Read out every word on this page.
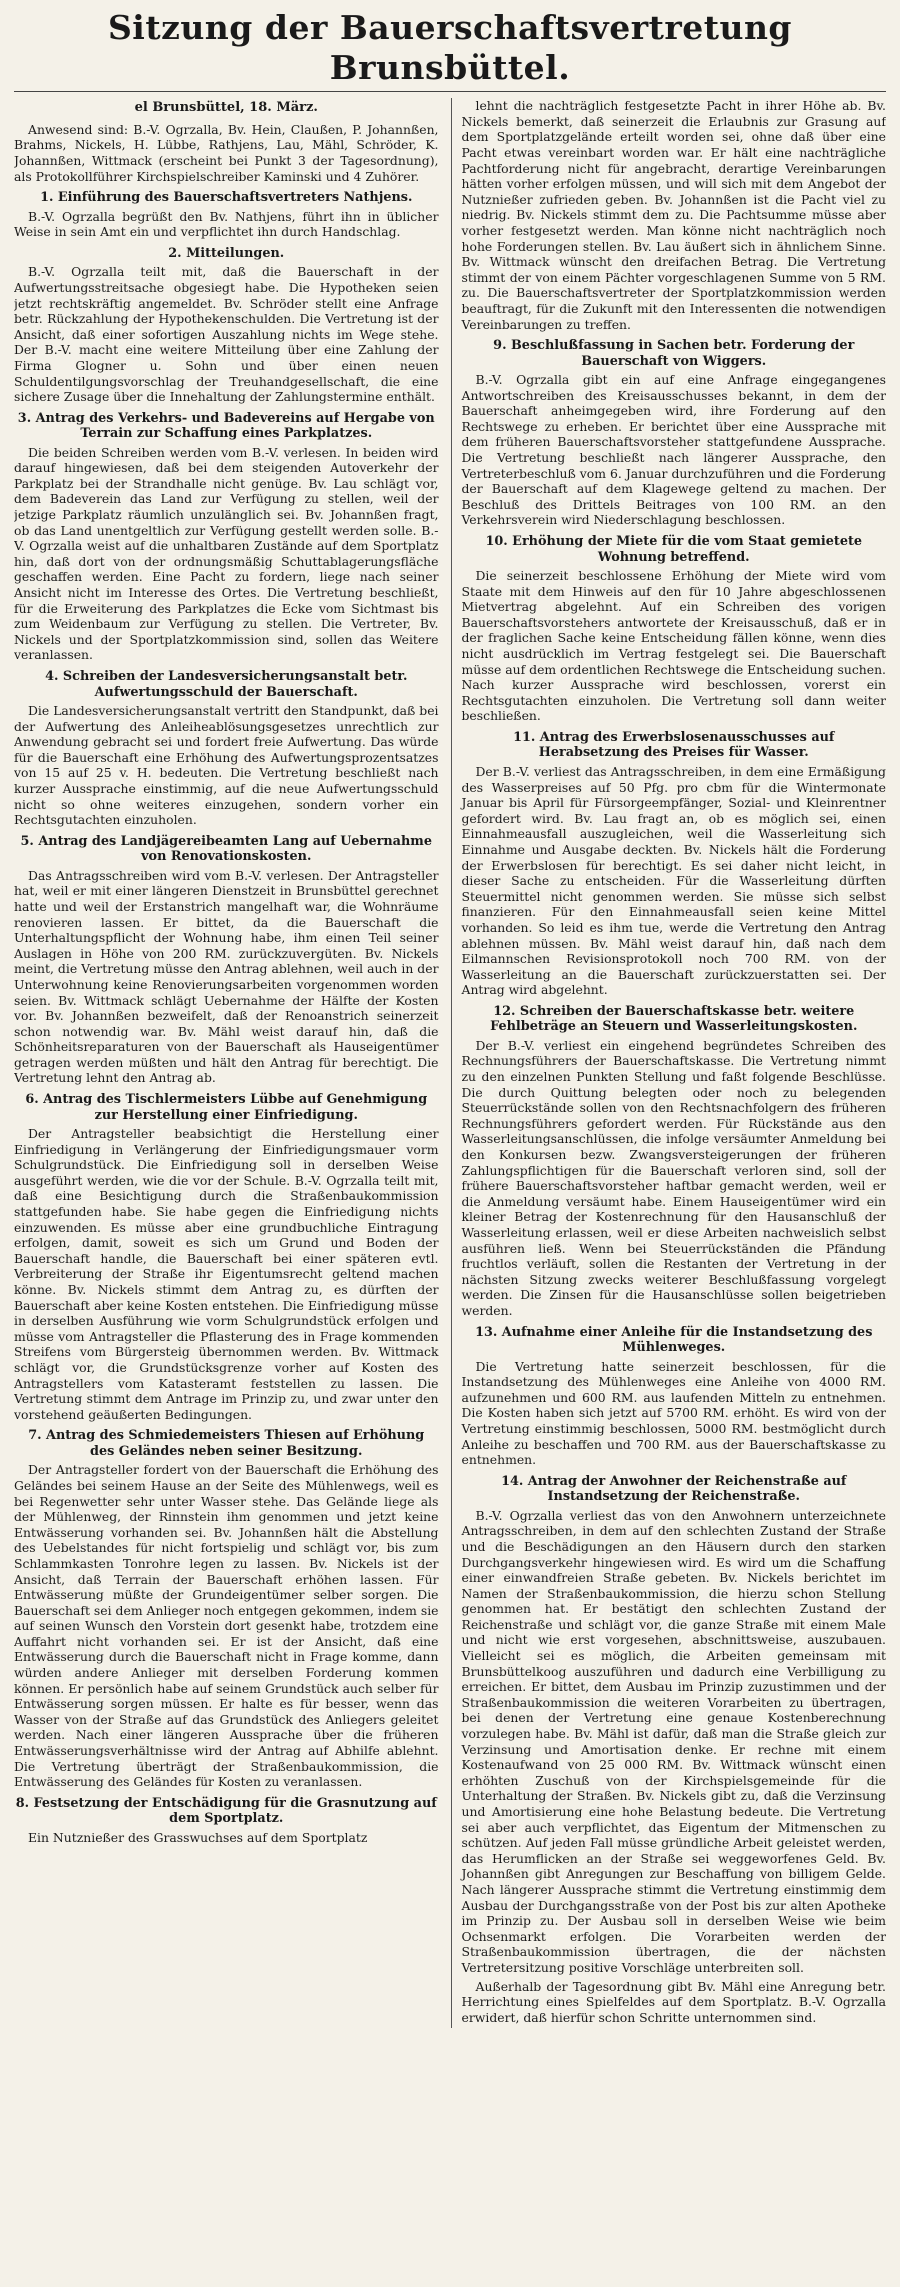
Sitzung der Bauerschaftsvertretung Brunsbüttel.
el Brunsbüttel, 18. März.

Anwesend sind: B.-V. Ogrzalla, Bv. Hein, Claußen, P. Johannßen, Brahms, Nickels, H. Lübbe, Rathjens, Lau, Mähl, Schröder, K. Johannßen, Wittmack (erscheint bei Punkt 3 der Tagesordnung), als Protokollführer Kirchspielschreiber Kaminski und 4 Zuhörer.

1. Einführung des Bauerschaftsvertreters Nathjens.

B.-V. Ogrzalla begrüßt den Bv. Nathjens, führt ihn in üblicher Weise in sein Amt ein und verpflichtet ihn durch Handschlag.

2. Mitteilungen.

B.-V. Ogrzalla teilt mit, daß die Bauerschaft in der Aufwertungsstreitsache obgesiegt habe. Die Hypotheken seien jetzt rechtskräftig angemeldet. Bv. Schröder stellt eine Anfrage betr. Rückzahlung der Hypothekenschulden. Die Vertretung ist der Ansicht, daß einer sofortigen Auszahlung nichts im Wege stehe. Der B.-V. macht eine weitere Mitteilung über eine Zahlung der Firma Glogner u. Sohn und über einen neuen Schuldentilgungsvorschlag der Treuhandgesellschaft, die eine sichere Zusage über die Innehaltung der Zahlungstermine enthält.

3. Antrag des Verkehrs- und Badevereins auf Hergabe von Terrain zur Schaffung eines Parkplatzes.

Die beiden Schreiben werden vom B.-V. verlesen. In beiden wird darauf hingewiesen, daß bei dem steigenden Autoverkehr der Parkplatz bei der Strandhalle nicht genüge. Bv. Lau schlägt vor, dem Badeverein das Land zur Verfügung zu stellen, weil der jetzige Parkplatz räumlich unzulänglich sei. Bv. Johannßen fragt, ob das Land unentgeltlich zur Verfügung gestellt werden solle. B.-V. Ogrzalla weist auf die unhaltbaren Zustände auf dem Sportplatz hin, daß dort von der ordnungsmäßig Schuttablagerungsfläche geschaffen werden. Eine Pacht zu fordern, liege nach seiner Ansicht nicht im Interesse des Ortes. Die Vertretung beschließt, für die Erweiterung des Parkplatzes die Ecke vom Sichtmast bis zum Weidenbaum zur Verfügung zu stellen. Die Vertreter, Bv. Nickels und der Sportplatzkommission sind, sollen das Weitere veranlassen.

4. Schreiben der Landesversicherungsanstalt betr. Aufwertungsschuld der Bauerschaft.

Die Landesversicherungsanstalt vertritt den Standpunkt, daß bei der Aufwertung des Anleiheablösungsgesetzes unrechtlich zur Anwendung gebracht sei und fordert freie Aufwertung. Das würde für die Bauerschaft eine Erhöhung des Aufwertungsprozentsatzes von 15 auf 25 v. H. bedeuten. Die Vertretung beschließt nach kurzer Aussprache einstimmig, auf die neue Aufwertungsschuld nicht so ohne weiteres einzugehen, sondern vorher ein Rechtsgutachten einzuholen.

5. Antrag des Landjägereibeamten Lang auf Uebernahme von Renovationskosten.

Das Antragsschreiben wird vom B.-V. verlesen. Der Antragsteller hat, weil er mit einer längeren Dienstzeit in Brunsbüttel gerechnet hatte und weil der Erstanstrich mangelhaft war, die Wohnräume renovieren lassen. Er bittet, da die Bauerschaft die Unterhaltungspflicht der Wohnung habe, ihm einen Teil seiner Auslagen in Höhe von 200 RM. zurückzuvergüten. Bv. Nickels meint, die Vertretung müsse den Antrag ablehnen, weil auch in der Unterwohnung keine Renovierungsarbeiten vorgenommen worden seien. Bv. Wittmack schlägt Uebernahme der Hälfte der Kosten vor. Bv. Johannßen bezweifelt, daß der Renoanstrich seinerzeit schon notwendig war. Bv. Mähl weist darauf hin, daß die Schönheitsreparaturen von der Bauerschaft als Hauseigentümer getragen werden müßten und hält den Antrag für berechtigt. Die Vertretung lehnt den Antrag ab.

6. Antrag des Tischlermeisters Lübbe auf Genehmigung zur Herstellung einer Einfriedigung.

Der Antragsteller beabsichtigt die Herstellung einer Einfriedigung in Verlängerung der Einfriedigungsmauer vorm Schulgrundstück. Die Einfriedigung soll in derselben Weise ausgeführt werden, wie die vor der Schule. B.-V. Ogrzalla teilt mit, daß eine Besichtigung durch die Straßenbaukommission stattgefunden habe. Sie habe gegen die Einfriedigung nichts einzuwenden. Es müsse aber eine grundbuchliche Eintragung erfolgen, damit, soweit es sich um Grund und Boden der Bauerschaft handle, die Bauerschaft bei einer späteren evtl. Verbreiterung der Straße ihr Eigentumsrecht geltend machen könne. Bv. Nickels stimmt dem Antrag zu, es dürften der Bauerschaft aber keine Kosten entstehen. Die Einfriedigung müsse in derselben Ausführung wie vorm Schulgrundstück erfolgen und müsse vom Antragsteller die Pflasterung des in Frage kommenden Streifens vom Bürgersteig übernommen werden. Bv. Wittmack schlägt vor, die Grundstücksgrenze vorher auf Kosten des Antragstellers vom Katasteramt feststellen zu lassen. Die Vertretung stimmt dem Antrage im Prinzip zu, und zwar unter den vorstehend geäußerten Bedingungen.

7. Antrag des Schmiedemeisters Thiesen auf Erhöhung des Geländes neben seiner Besitzung.

Der Antragsteller fordert von der Bauerschaft die Erhöhung des Geländes bei seinem Hause an der Seite des Mühlenwegs, weil es bei Regenwetter sehr unter Wasser stehe. Das Gelände liege als der Mühlenweg, der Rinnstein ihm genommen und jetzt keine Entwässerung vorhanden sei. Bv. Johannßen hält die Abstellung des Uebelstandes für nicht fortspielig und schlägt vor, bis zum Schlammkasten Tonrohre legen zu lassen. Bv. Nickels ist der Ansicht, daß Terrain der Bauerschaft erhöhen lassen. Für Entwässerung müßte der Grundeigentümer selber sorgen. Die Bauerschaft sei dem Anlieger noch entgegen gekommen, indem sie auf seinen Wunsch den Vorstein dort gesenkt habe, trotzdem eine Auffahrt nicht vorhanden sei. Er ist der Ansicht, daß eine Entwässerung durch die Bauerschaft nicht in Frage komme, dann würden andere Anlieger mit derselben Forderung kommen können. Er persönlich habe auf seinem Grundstück auch selber für Entwässerung sorgen müssen. Er halte es für besser, wenn das Wasser von der Straße auf das Grundstück des Anliegers geleitet werden. Nach einer längeren Aussprache über die früheren Entwässerungsverhältnisse wird der Antrag auf Abhilfe ablehnt. Die Vertretung überträgt der Straßenbaukommission, die Entwässerung des Geländes für Kosten zu veranlassen.

8. Festsetzung der Entschädigung für die Grasnutzung auf dem Sportplatz.

Ein Nutznießer des Grasswuchses auf dem Sportplatz

lehnt die nachträglich festgesetzte Pacht in ihrer Höhe ab. Bv. Nickels bemerkt, daß seinerzeit die Erlaubnis zur Grasung auf dem Sportplatzgelände erteilt worden sei, ohne daß über eine Pacht etwas vereinbart worden war. Er hält eine nachträgliche Pachtforderung nicht für angebracht, derartige Vereinbarungen hätten vorher erfolgen müssen, und will sich mit dem Angebot der Nutznießer zufrieden geben. Bv. Johannßen ist die Pacht viel zu niedrig. Bv. Nickels stimmt dem zu. Die Pachtsumme müsse aber vorher festgesetzt werden. Man könne nicht nachträglich noch hohe Forderungen stellen. Bv. Lau äußert sich in ähnlichem Sinne. Bv. Wittmack wünscht den dreifachen Betrag. Die Vertretung stimmt der von einem Pächter vorgeschlagenen Summe von 5 RM. zu. Die Bauerschaftsvertreter der Sportplatzkommission werden beauftragt, für die Zukunft mit den Interessenten die notwendigen Vereinbarungen zu treffen.

9. Beschlußfassung in Sachen betr. Forderung der Bauerschaft von Wiggers.

B.-V. Ogrzalla gibt ein auf eine Anfrage eingegangenes Antwortschreiben des Kreisausschusses bekannt, in dem der Bauerschaft anheimgegeben wird, ihre Forderung auf den Rechtswege zu erheben. Er berichtet über eine Aussprache mit dem früheren Bauerschaftsvorsteher stattgefundene Aussprache. Die Vertretung beschließt nach längerer Aussprache, den Vertreterbeschluß vom 6. Januar durchzuführen und die Forderung der Bauerschaft auf dem Klagewege geltend zu machen. Der Beschluß des Drittels Beitrages von 100 RM. an den Verkehrsverein wird Niederschlagung beschlossen.

10. Erhöhung der Miete für die vom Staat gemietete Wohnung betreffend.

Die seinerzeit beschlossene Erhöhung der Miete wird vom Staate mit dem Hinweis auf den für 10 Jahre abgeschlossenen Mietvertrag abgelehnt. Auf ein Schreiben des vorigen Bauerschaftsvorstehers antwortete der Kreisausschuß, daß er in der fraglichen Sache keine Entscheidung fällen könne, wenn dies nicht ausdrücklich im Vertrag festgelegt sei. Die Bauerschaft müsse auf dem ordentlichen Rechtswege die Entscheidung suchen. Nach kurzer Aussprache wird beschlossen, vorerst ein Rechtsgutachten einzuholen. Die Vertretung soll dann weiter beschließen.

11. Antrag des Erwerbslosenausschusses auf Herabsetzung des Preises für Wasser.

Der B.-V. verliest das Antragsschreiben, in dem eine Ermäßigung des Wasserpreises auf 50 Pfg. pro cbm für die Wintermonate Januar bis April für Fürsorgeempfänger, Sozial- und Kleinrentner gefordert wird. Bv. Lau fragt an, ob es möglich sei, einen Einnahmeausfall auszugleichen, weil die Wasserleitung sich Einnahme und Ausgabe deckten. Bv. Nickels hält die Forderung der Erwerbslosen für berechtigt. Es sei daher nicht leicht, in dieser Sache zu entscheiden. Für die Wasserleitung dürften Steuermittel nicht genommen werden. Sie müsse sich selbst finanzieren. Für den Einnahmeausfall seien keine Mittel vorhanden. So leid es ihm tue, werde die Vertretung den Antrag ablehnen müssen. Bv. Mähl weist darauf hin, daß nach dem Eilmannschen Revisionsprotokoll noch 700 RM. von der Wasserleitung an die Bauerschaft zurückzuerstatten sei. Der Antrag wird abgelehnt.

12. Schreiben der Bauerschaftskasse betr. weitere Fehlbeträge an Steuern und Wasserleitungskosten.

Der B.-V. verliest ein eingehend begründetes Schreiben des Rechnungsführers der Bauerschaftskasse. Die Vertretung nimmt zu den einzelnen Punkten Stellung und faßt folgende Beschlüsse. Die durch Quittung belegten oder noch zu belegenden Steuerrückstände sollen von den Rechtsnachfolgern des früheren Rechnungsführers gefordert werden. Für Rückstände aus den Wasserleitungsanschlüssen, die infolge versäumter Anmeldung bei den Konkursen bezw. Zwangsversteigerungen der früheren Zahlungspflichtigen für die Bauerschaft verloren sind, soll der frühere Bauerschaftsvorsteher haftbar gemacht werden, weil er die Anmeldung versäumt habe. Einem Hauseigentümer wird ein kleiner Betrag der Kostenrechnung für den Hausanschluß der Wasserleitung erlassen, weil er diese Arbeiten nachweislich selbst ausführen ließ. Wenn bei Steuerrückständen die Pfändung fruchtlos verläuft, sollen die Restanten der Vertretung in der nächsten Sitzung zwecks weiterer Beschlußfassung vorgelegt werden. Die Zinsen für die Hausanschlüsse sollen beigetrieben werden.

13. Aufnahme einer Anleihe für die Instandsetzung des Mühlenweges.

Die Vertretung hatte seinerzeit beschlossen, für die Instandsetzung des Mühlenweges eine Anleihe von 4000 RM. aufzunehmen und 600 RM. aus laufenden Mitteln zu entnehmen. Die Kosten haben sich jetzt auf 5700 RM. erhöht. Es wird von der Vertretung einstimmig beschlossen, 5000 RM. bestmöglicht durch Anleihe zu beschaffen und 700 RM. aus der Bauerschaftskasse zu entnehmen.

14. Antrag der Anwohner der Reichenstraße auf Instandsetzung der Reichenstraße.

B.-V. Ogrzalla verliest das von den Anwohnern unterzeichnete Antragsschreiben, in dem auf den schlechten Zustand der Straße und die Beschädigungen an den Häusern durch den starken Durchgangsverkehr hingewiesen wird. Es wird um die Schaffung einer einwandfreien Straße gebeten. Bv. Nickels berichtet im Namen der Straßenbaukommission, die hierzu schon Stellung genommen hat. Er bestätigt den schlechten Zustand der Reichenstraße und schlägt vor, die ganze Straße mit einem Male und nicht wie erst vorgesehen, abschnittsweise, auszubauen. Vielleicht sei es möglich, die Arbeiten gemeinsam mit Brunsbüttelkoog auszuführen und dadurch eine Verbilligung zu erreichen. Er bittet, dem Ausbau im Prinzip zuzustimmen und der Straßenbaukommission die weiteren Vorarbeiten zu übertragen, bei denen der Vertretung eine genaue Kostenberechnung vorzulegen habe. Bv. Mähl ist dafür, daß man die Straße gleich zur Verzinsung und Amortisation denke. Er rechne mit einem Kostenaufwand von 25 000 RM. Bv. Wittmack wünscht einen erhöhten Zuschuß von der Kirchspielsgemeinde für die Unterhaltung der Straßen. Bv. Nickels gibt zu, daß die Verzinsung und Amortisierung eine hohe Belastung bedeute. Die Vertretung sei aber auch verpflichtet, das Eigentum der Mitmenschen zu schützen. Auf jeden Fall müsse gründliche Arbeit geleistet werden, das Herumflicken an der Straße sei weggeworfenes Geld. Bv. Johannßen gibt Anregungen zur Beschaffung von billigem Gelde. Nach längerer Aussprache stimmt die Vertretung einstimmig dem Ausbau der Durchgangsstraße von der Post bis zur alten Apotheke im Prinzip zu. Der Ausbau soll in derselben Weise wie beim Ochsenmarkt erfolgen. Die Vorarbeiten werden der Straßenbaukommission übertragen, die der nächsten Vertretersitzung positive Vorschläge unterbreiten soll.

Außerhalb der Tagesordnung gibt Bv. Mähl eine Anregung betr. Herrichtung eines Spielfeldes auf dem Sportplatz. B.-V. Ogrzalla erwidert, daß hierfür schon Schritte unternommen sind.
